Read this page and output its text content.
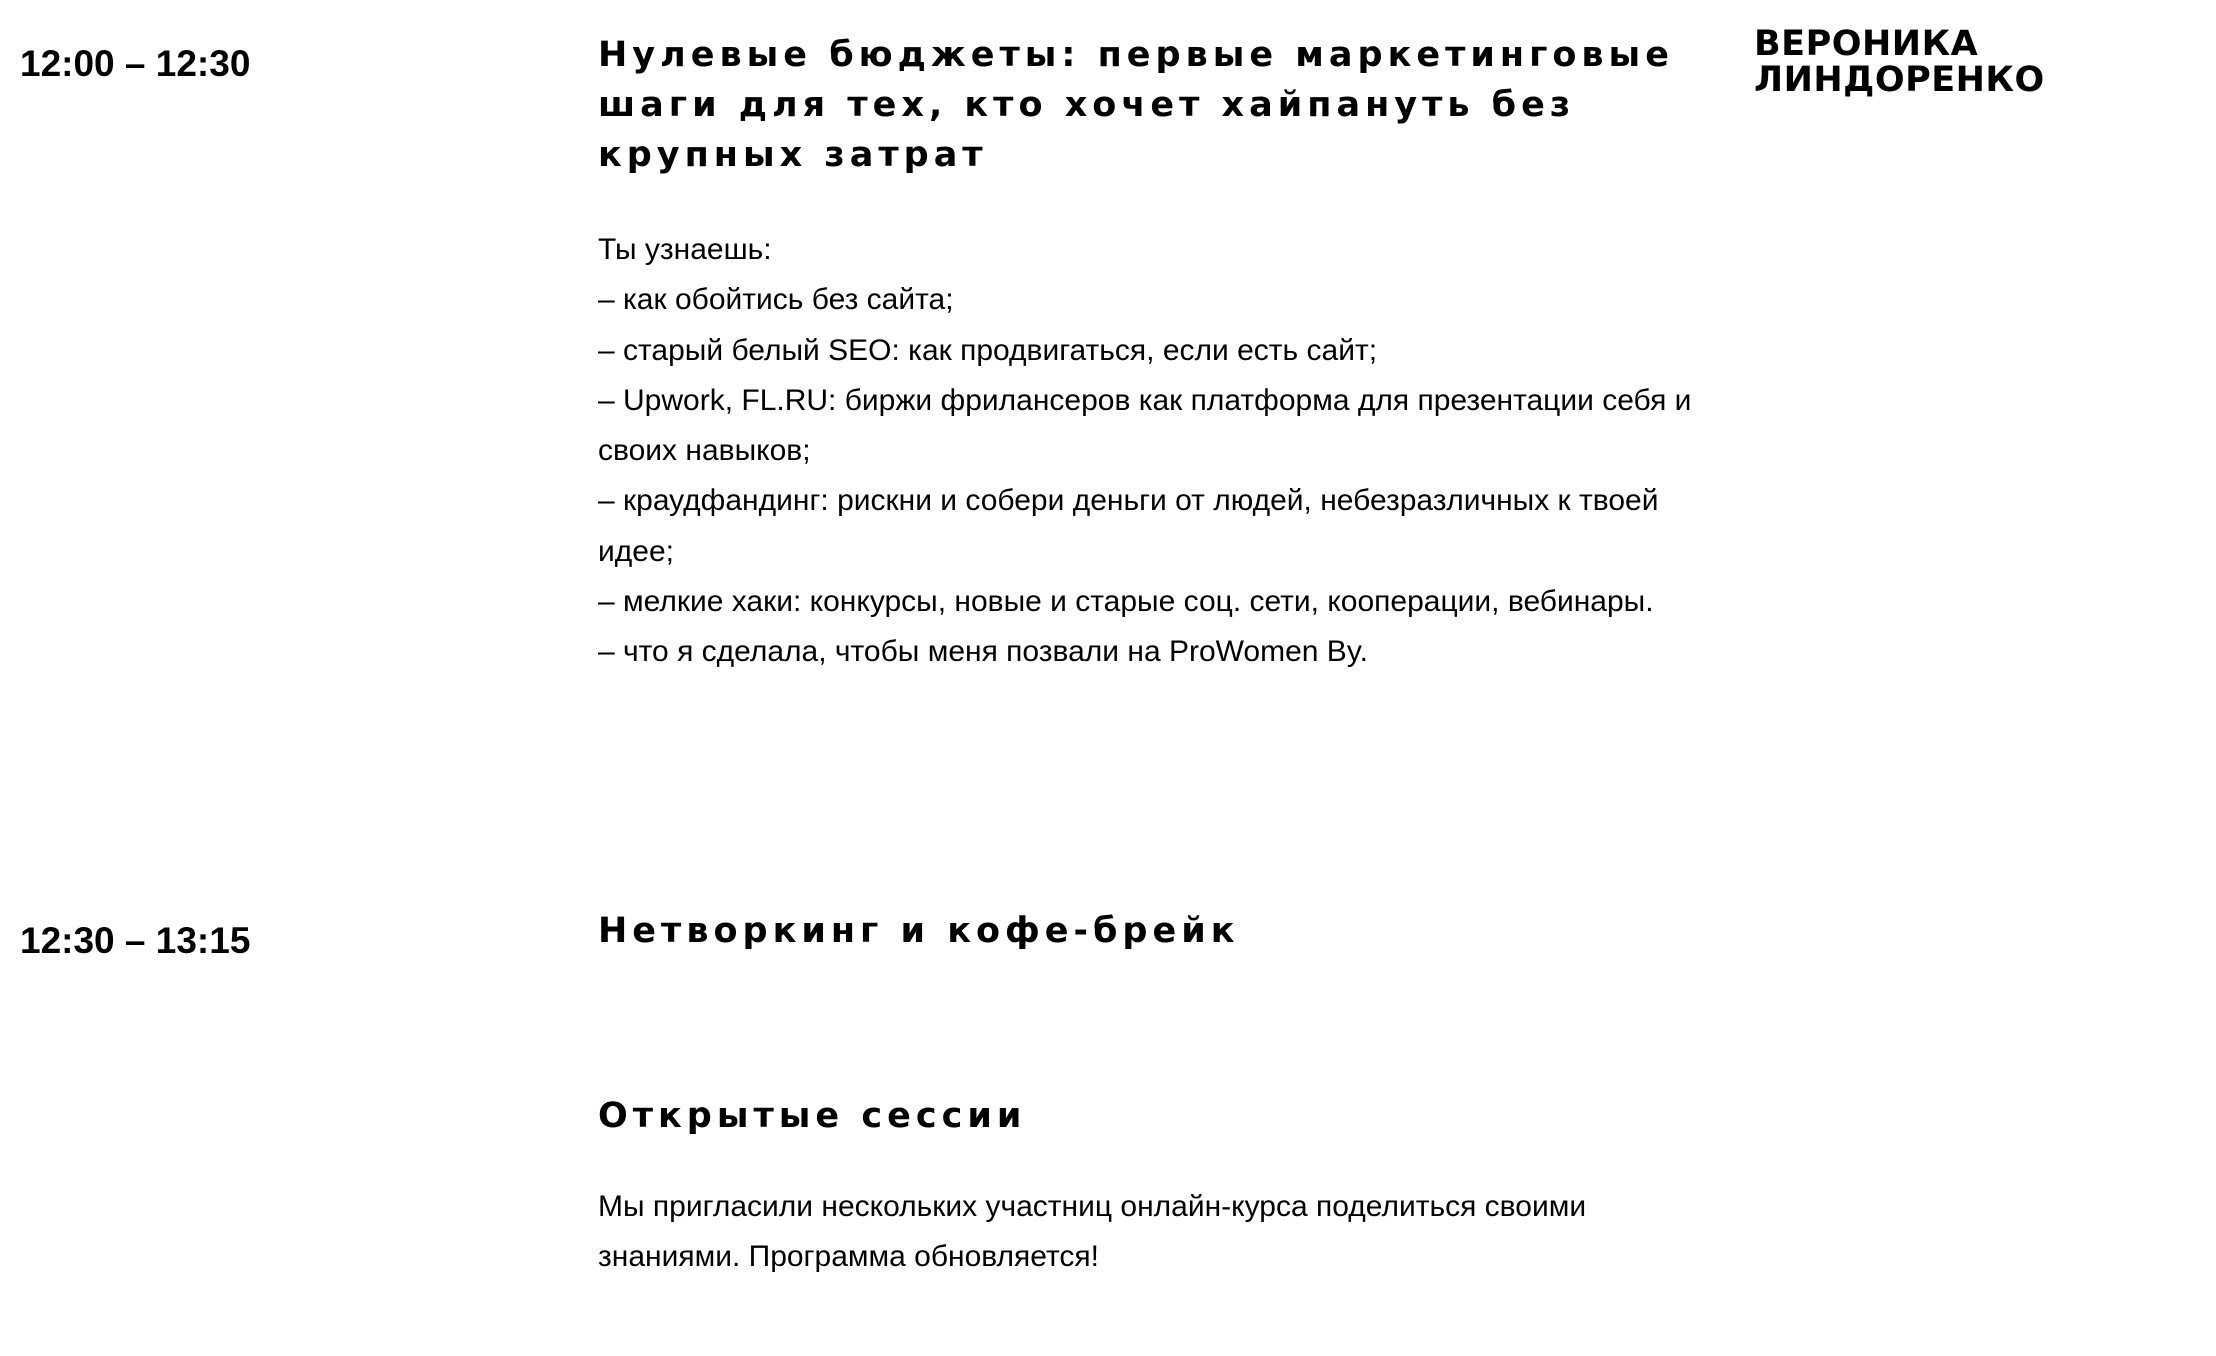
12:00 – 12:30	Нулевые бюджеты: первые маркетинговые шаги для тех, кто хочет хайпануть без крупных затрат
ВЕРОНИКА
ЛИНДОРЕНКО
Ты узнаешь:
– как обойтись без сайта;
– старый белый SEO: как продвигаться, если есть сайт;
– Upwork, FL.RU: биржи фрилансеров как платформа для презентации себя и своих навыков;
– краудфандинг: рискни и собери деньги от людей, небезразличных к твоей идее;
– мелкие хаки: конкурсы, новые и старые соц. сети, кооперации, вебинары.
– что я сделала, чтобы меня позвали на ProWomen By.
12:30 – 13:15	Нетворкинг и кофе-брейк
Открытые сессии

Мы пригласили нескольких участниц онлайн-курса поделиться своими знаниями. Программа обновляется!
